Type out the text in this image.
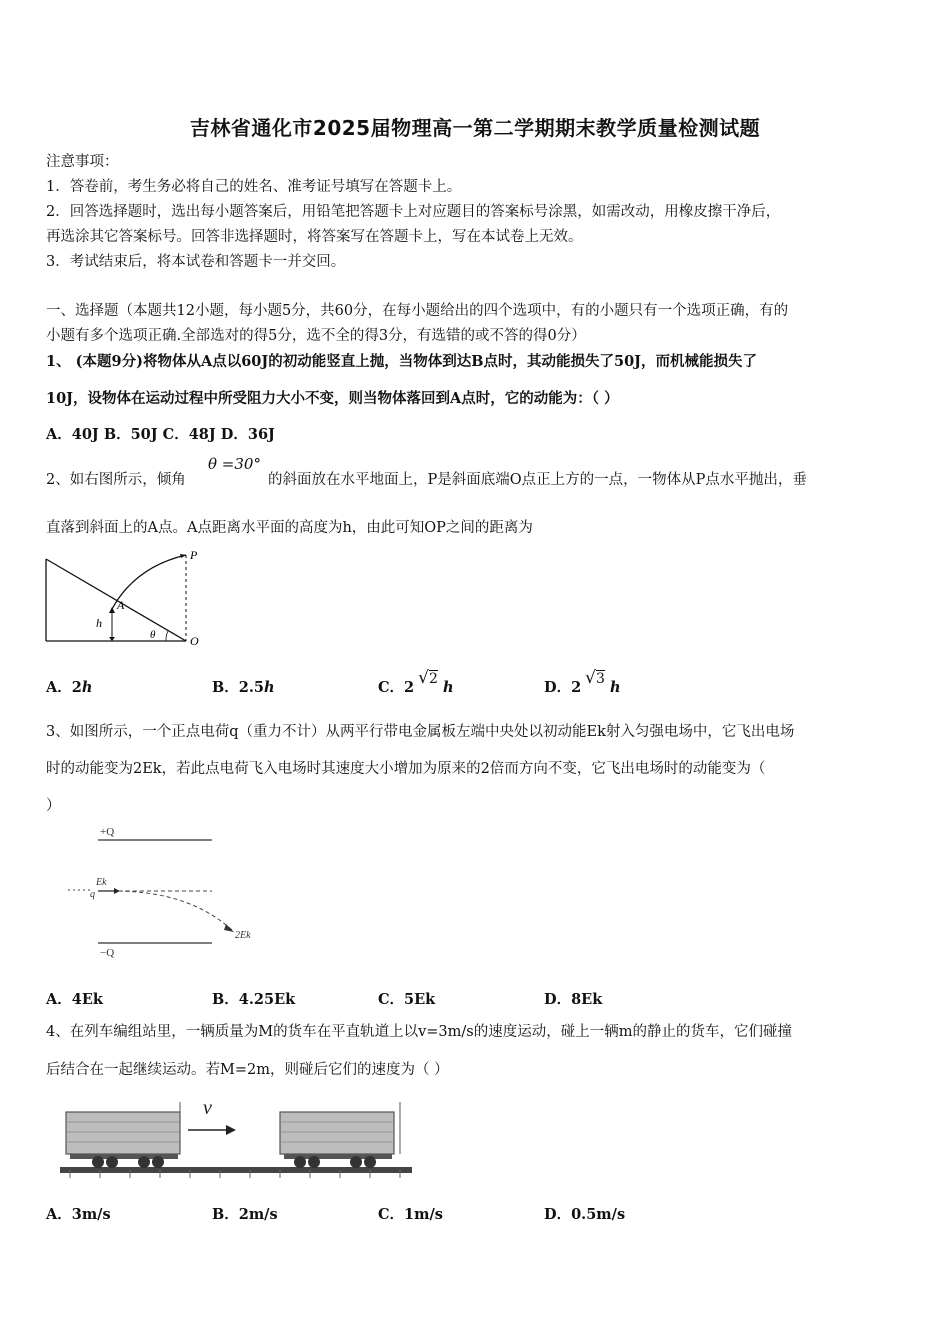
吉林省通化市2025届物理高一第二学期期末教学质量检测试题
注意事项：
1．答卷前，考生务必将自己的姓名、准考证号填写在答题卡上。
2．回答选择题时，选出每小题答案后，用铅笔把答题卡上对应题目的答案标号涂黑，如需改动，用橡皮擦干净后，
再选涂其它答案标号。回答非选择题时，将答案写在答题卡上，写在本试卷上无效。
3．考试结束后，将本试卷和答题卡一并交回。
一、选择题（本题共12小题，每小题5分，共60分，在每小题给出的四个选项中，有的小题只有一个选项正确，有的
小题有多个选项正确.全部选对的得5分，选不全的得3分，有选错的或不答的得0分）
1、 (本题9分)将物体从A点以60J的初动能竖直上抛，当物体到达B点时，其动能损失了50J，而机械能损失了
10J，设物体在运动过程中所受阻力大小不变，则当物体落回到A点时，它的动能为：（ ）
A．40J B．50J C．48J D．36J
2、如右图所示，倾角
θ =30°
的斜面放在水平地面上，P是斜面底端O点正上方的一点，一物体从P点水平抛出，垂
直落到斜面上的A点。A点距离水平面的高度为h，由此可知OP之间的距离为
P
A
h
θ	O
A．2h	B．2.5h	C．2 √2 h	D．2 √3 h
3、如图所示，一个正点电荷q（重力不计）从两平行带电金属板左端中央处以初动能Ek射入匀强电场中，它飞出电场
时的动能变为2Ek，若此点电荷飞入电场时其速度大小增加为原来的2倍而方向不变，它飞出电场时的动能变为（
）
+Q
−Q
Ek
q
2Ek
A．4Ek	B．4.25Ek	C．5Ek	D．8Ek
4、在列车编组站里，一辆质量为M的货车在平直轨道上以v=3m/s的速度运动，碰上一辆m的静止的货车，它们碰撞
后结合在一起继续运动。若M=2m，则碰后它们的速度为（ ）
v
A．3m/s	B．2m/s	C．1m/s	D．0.5m/s
